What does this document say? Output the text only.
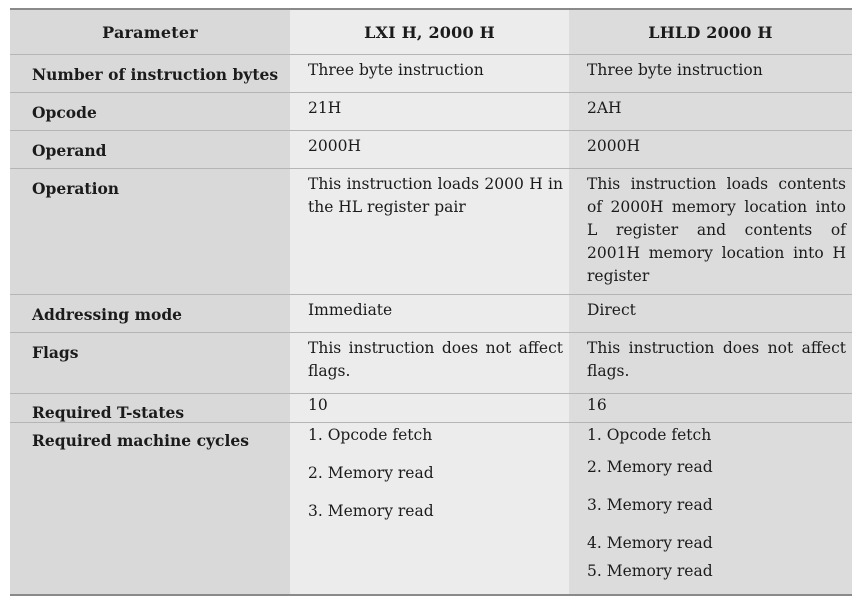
Parameter	LXI H, 2000 H	LHLD 2000 H

Number of instruction bytes	Three byte instruction	Three byte instruction

Opcode	21H	2AH

Operand	2000H	2000H

Operation	This instruction loads 2000 H in the HL register pair	This instruction loads contents of 2000H memory location into L register and contents of 2001H memory location into H register

Addressing mode	Immediate	Direct

Flags	This instruction does not affect flags.	This instruction does not affect flags.

Required T-states	10	16
Required machine cycles	1. Opcode fetch
2. Memory read
3. Memory read	1. Opcode fetch
2. Memory read
3. Memory read
4. Memory read
5. Memory read
